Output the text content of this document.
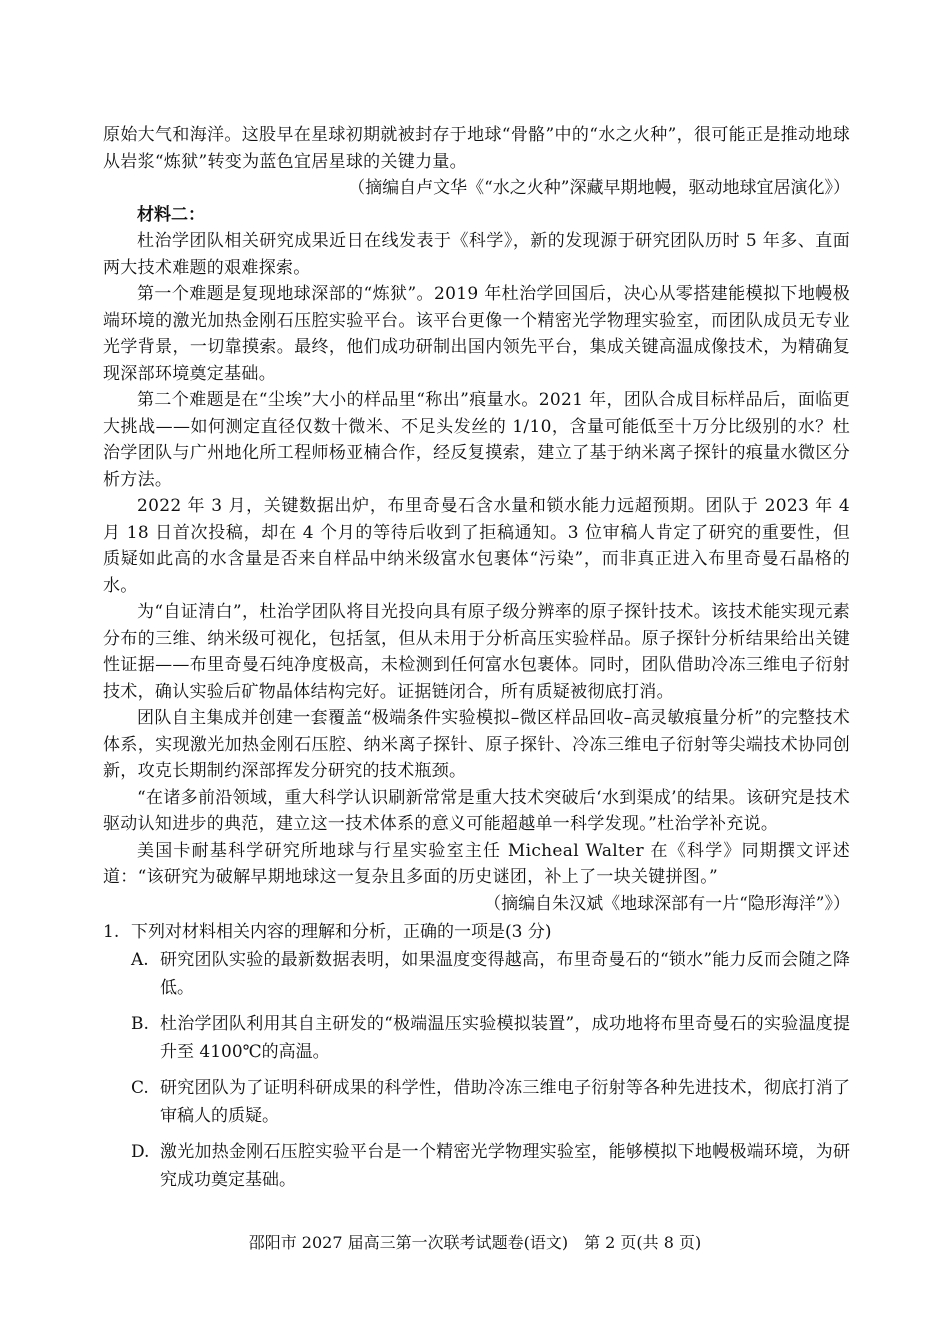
原始大气和海洋。这股早在星球初期就被封存于地球“骨骼”中的“水之火种”，很可能正是推动地球从岩浆“炼狱”转变为蓝色宜居星球的关键力量。

（摘编自卢文华《“水之火种”深藏早期地幔，驱动地球宜居演化》）

材料二：

杜治学团队相关研究成果近日在线发表于《科学》，新的发现源于研究团队历时 5 年多、直面两大技术难题的艰难探索。

第一个难题是复现地球深部的“炼狱”。2019 年杜治学回国后，决心从零搭建能模拟下地幔极端环境的激光加热金刚石压腔实验平台。该平台更像一个精密光学物理实验室，而团队成员无专业光学背景，一切靠摸索。最终，他们成功研制出国内领先平台，集成关键高温成像技术，为精确复现深部环境奠定基础。

第二个难题是在“尘埃”大小的样品里“称出”痕量水。2021 年，团队合成目标样品后，面临更大挑战——如何测定直径仅数十微米、不足头发丝的 1/10，含量可能低至十万分比级别的水？杜治学团队与广州地化所工程师杨亚楠合作，经反复摸索，建立了基于纳米离子探针的痕量水微区分析方法。

2022 年 3 月，关键数据出炉，布里奇曼石含水量和锁水能力远超预期。团队于 2023 年 4 月 18 日首次投稿，却在 4 个月的等待后收到了拒稿通知。3 位审稿人肯定了研究的重要性，但质疑如此高的水含量是否来自样品中纳米级富水包裹体“污染”，而非真正进入布里奇曼石晶格的水。

为“自证清白”，杜治学团队将目光投向具有原子级分辨率的原子探针技术。该技术能实现元素分布的三维、纳米级可视化，包括氢，但从未用于分析高压实验样品。原子探针分析结果给出关键性证据——布里奇曼石纯净度极高，未检测到任何富水包裹体。同时，团队借助冷冻三维电子衍射技术，确认实验后矿物晶体结构完好。证据链闭合，所有质疑被彻底打消。

团队自主集成并创建一套覆盖“极端条件实验模拟–微区样品回收–高灵敏痕量分析”的完整技术体系，实现激光加热金刚石压腔、纳米离子探针、原子探针、冷冻三维电子衍射等尖端技术协同创新，攻克长期制约深部挥发分研究的技术瓶颈。

“在诸多前沿领域，重大科学认识刷新常常是重大技术突破后‘水到渠成’的结果。该研究是技术驱动认知进步的典范，建立这一技术体系的意义可能超越单一科学发现。”杜治学补充说。

美国卡耐基科学研究所地球与行星实验室主任 Micheal Walter 在《科学》同期撰文评述道：“该研究为破解早期地球这一复杂且多面的历史谜团，补上了一块关键拼图。”

（摘编自朱汉斌《地球深部有一片“隐形海洋”》）

1. 下列对材料相关内容的理解和分析，正确的一项是(3 分)
A. 研究团队实验的最新数据表明，如果温度变得越高，布里奇曼石的“锁水”能力反而会随之降低。
B. 杜治学团队利用其自主研发的“极端温压实验模拟装置”，成功地将布里奇曼石的实验温度提升至 4100℃的高温。
C. 研究团队为了证明科研成果的科学性，借助冷冻三维电子衍射等各种先进技术，彻底打消了审稿人的质疑。
D. 激光加热金刚石压腔实验平台是一个精密光学物理实验室，能够模拟下地幔极端环境，为研究成功奠定基础。
邵阳市 2027 届高三第一次联考试题卷(语文)　第 2 页(共 8 页)
